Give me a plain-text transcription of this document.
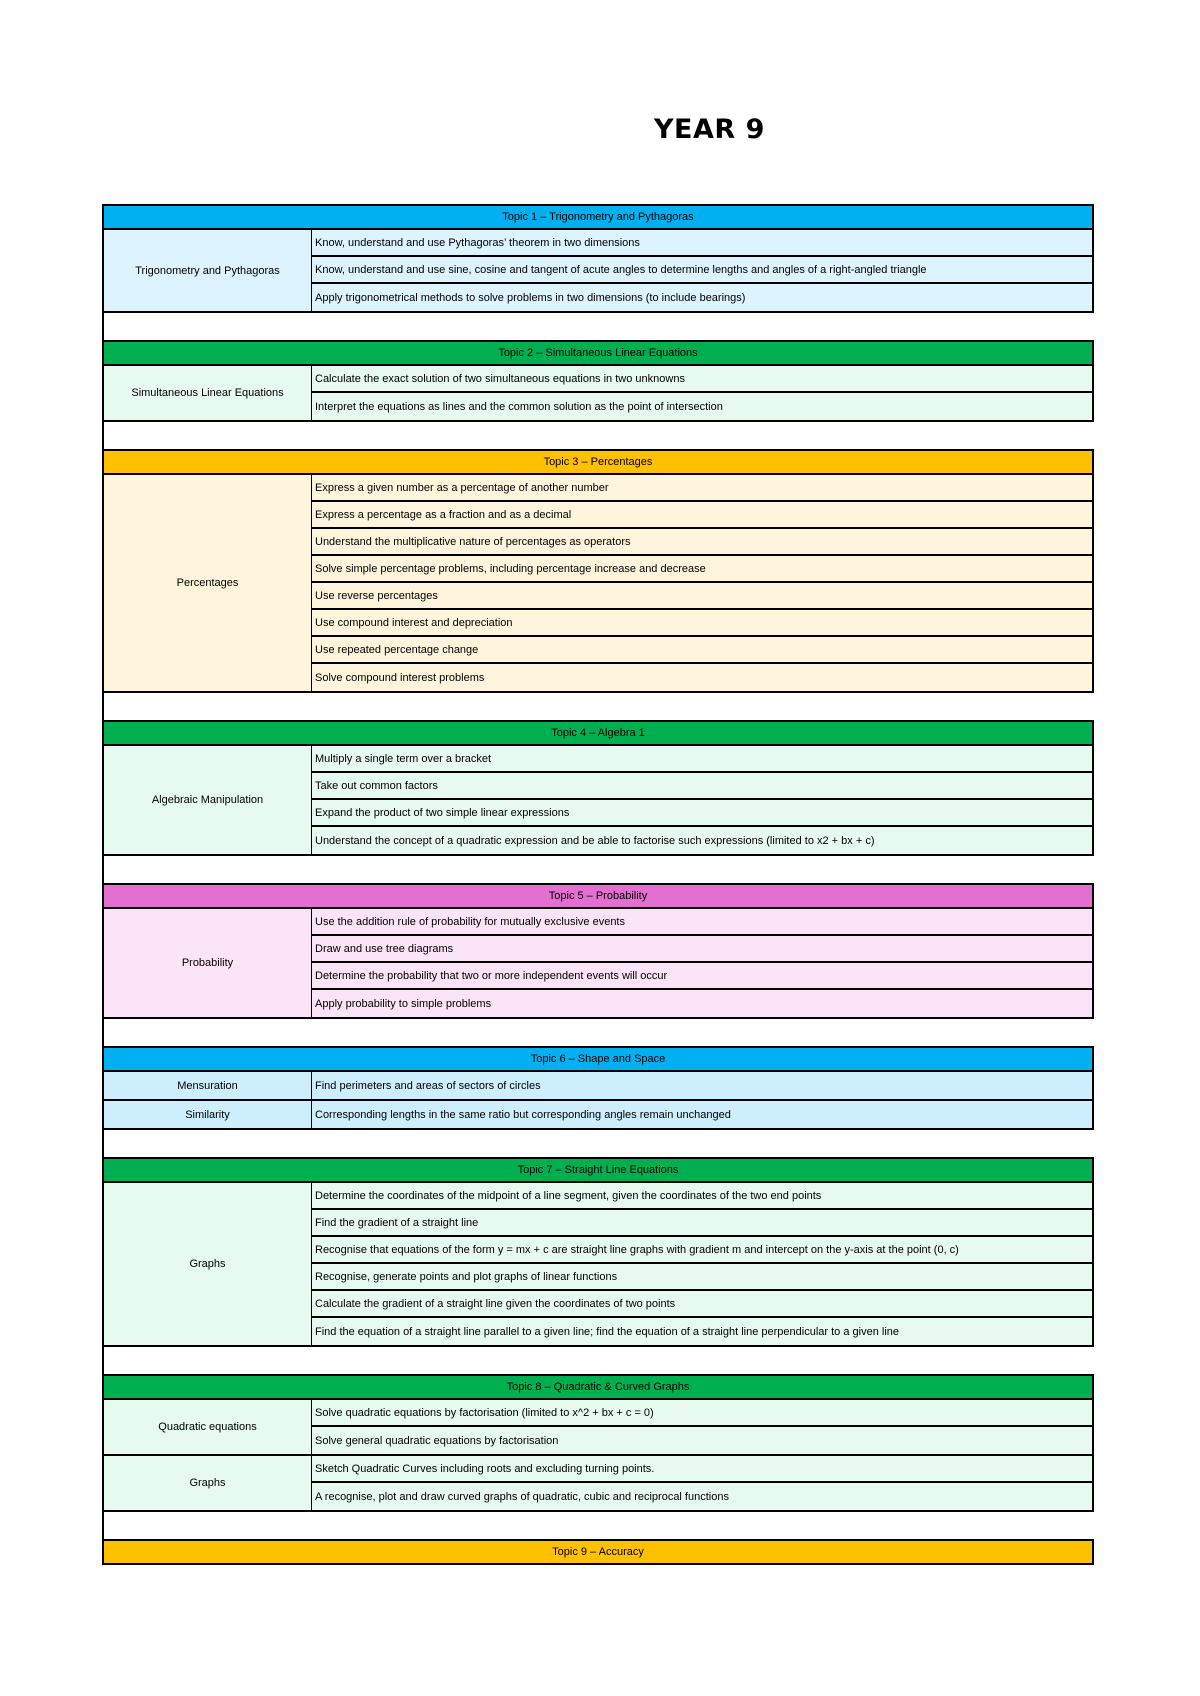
YEAR 9
Topic 1 – Trigonometry and Pythagoras
Trigonometry and Pythagoras
Know, understand and use Pythagoras’ theorem in two dimensions
Know, understand and use sine, cosine and tangent of acute angles to determine lengths and angles of a right-angled triangle
Apply trigonometrical methods to solve problems in two dimensions (to include bearings)
Topic 2 – Simultaneous Linear Equations
Simultaneous Linear Equations
Calculate the exact solution of two simultaneous equations in two unknowns
Interpret the equations as lines and the common solution as the point of intersection
Topic 3 – Percentages
Percentages
Express a given number as a percentage of another number
Express a percentage as a fraction and as a decimal
Understand the multiplicative nature of percentages as operators
Solve simple percentage problems, including percentage increase and decrease
Use reverse percentages
Use compound interest and depreciation
Use repeated percentage change
Solve compound interest problems
Topic 4 – Algebra 1
Algebraic Manipulation
Multiply a single term over a bracket
Take out common factors
Expand the product of two simple linear expressions
Understand the concept of a quadratic expression and be able to factorise such expressions (limited to x2 + bx + c)
Topic 5 – Probability
Probability
Use the addition rule of probability for mutually exclusive events
Draw and use tree diagrams
Determine the probability that two or more independent events will occur
Apply probability to simple problems
Topic 6 – Shape and Space
Mensuration	Find perimeters and areas of sectors of circles
Similarity	Corresponding lengths in the same ratio but corresponding angles remain unchanged
Topic 7 – Straight Line Equations
Graphs
Determine the coordinates of the midpoint of a line segment, given the coordinates of the two end points
Find the gradient of a straight line
Recognise that equations of the form y = mx + c are straight line graphs with gradient m and intercept on the y-axis at the point (0, c)
Recognise, generate points and plot graphs of linear functions
Calculate the gradient of a straight line given the coordinates of two points
Find the equation of a straight line parallel to a given line; find the equation of a straight line perpendicular to a given line
Topic 8 – Quadratic & Curved Graphs
Quadratic equations
Solve quadratic equations by factorisation (limited to x^2 + bx + c = 0)
Solve general quadratic equations by factorisation
Graphs
Sketch Quadratic Curves including roots and excluding turning points.
A recognise, plot and draw curved graphs of quadratic, cubic and reciprocal functions
Topic 9 – Accuracy
